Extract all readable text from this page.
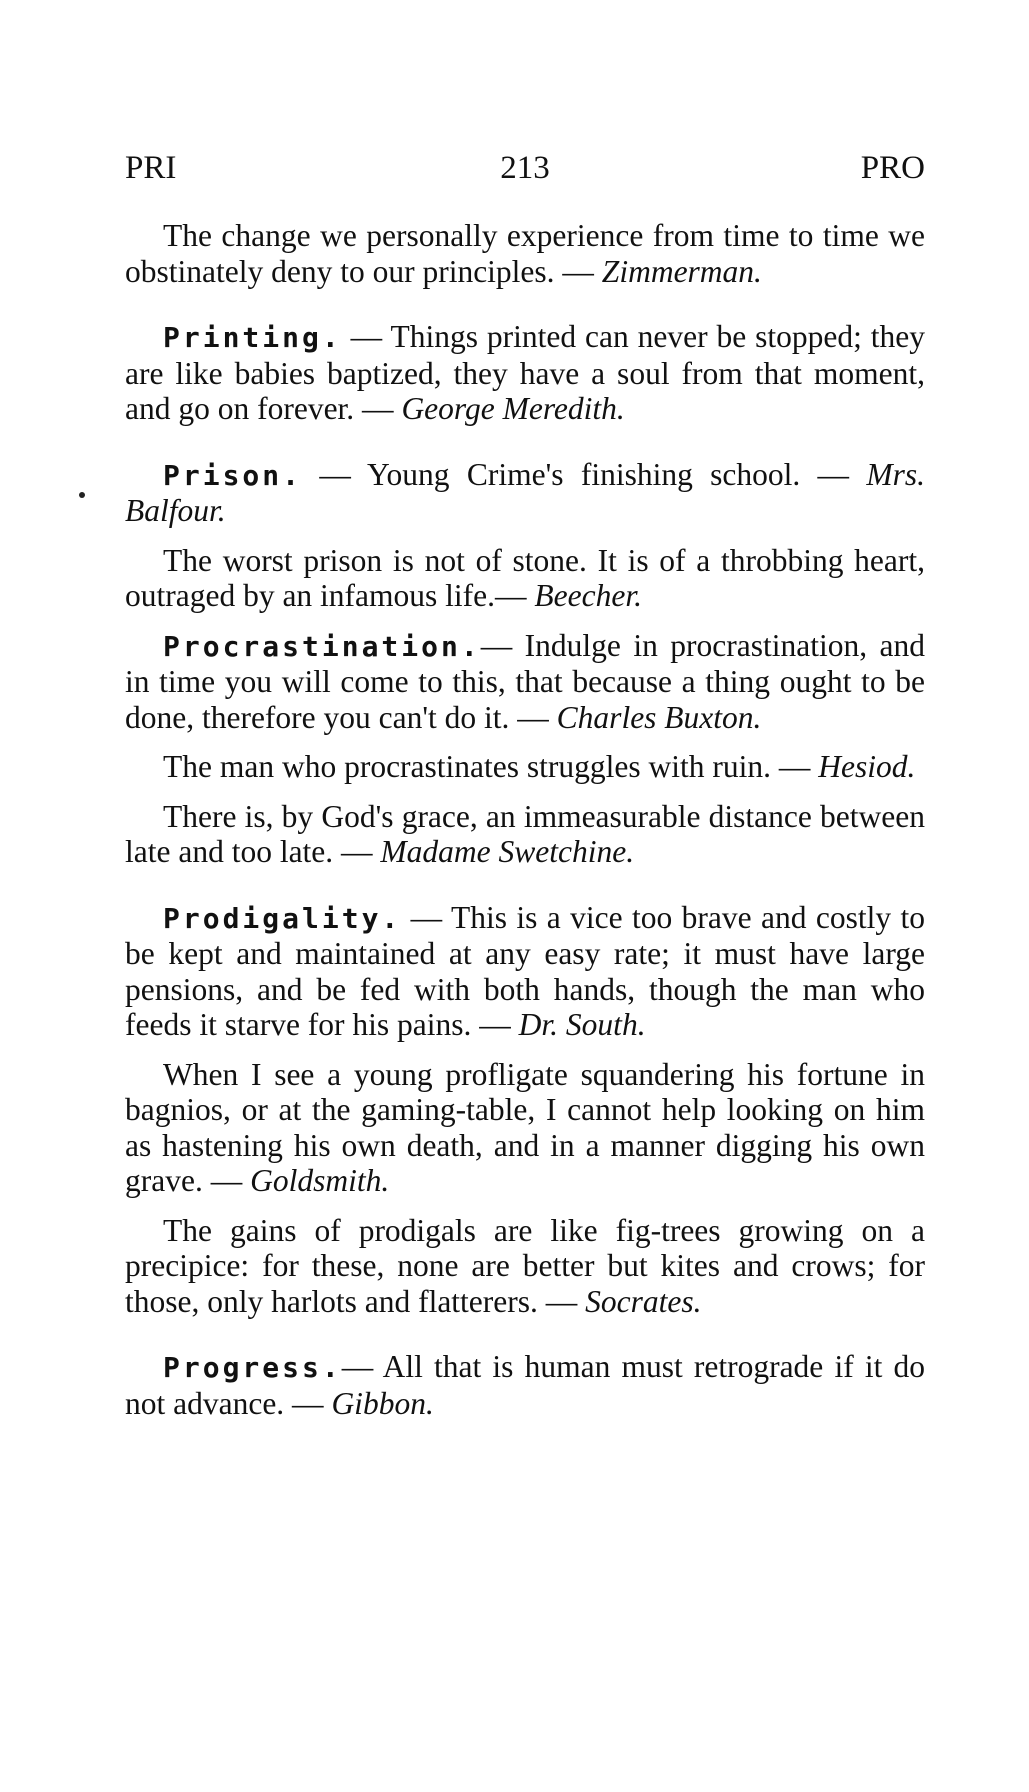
PRI	213	PRO

The change we personally experience from time to time we obstinately deny to our principles. — Zimmerman.

Printing. — Things printed can never be stopped; they are like babies baptized, they have a soul from that moment, and go on forever. — George Meredith.

Prison. — Young Crime's finishing school. — Mrs. Balfour.

The worst prison is not of stone. It is of a throbbing heart, outraged by an infamous life.— Beecher.

Procrastination.— Indulge in procrastination, and in time you will come to this, that because a thing ought to be done, therefore you can't do it. — Charles Buxton.

The man who procrastinates struggles with ruin. — Hesiod.

There is, by God's grace, an immeasurable distance between late and too late. — Madame Swetchine.

Prodigality. — This is a vice too brave and costly to be kept and maintained at any easy rate; it must have large pensions, and be fed with both hands, though the man who feeds it starve for his pains. — Dr. South.

When I see a young profligate squandering his fortune in bagnios, or at the gaming-table, I cannot help looking on him as hastening his own death, and in a manner digging his own grave. — Goldsmith.

The gains of prodigals are like fig-trees growing on a precipice: for these, none are better but kites and crows; for those, only harlots and flatterers. — Socrates.

Progress.— All that is human must retrograde if it do not advance. — Gibbon.
